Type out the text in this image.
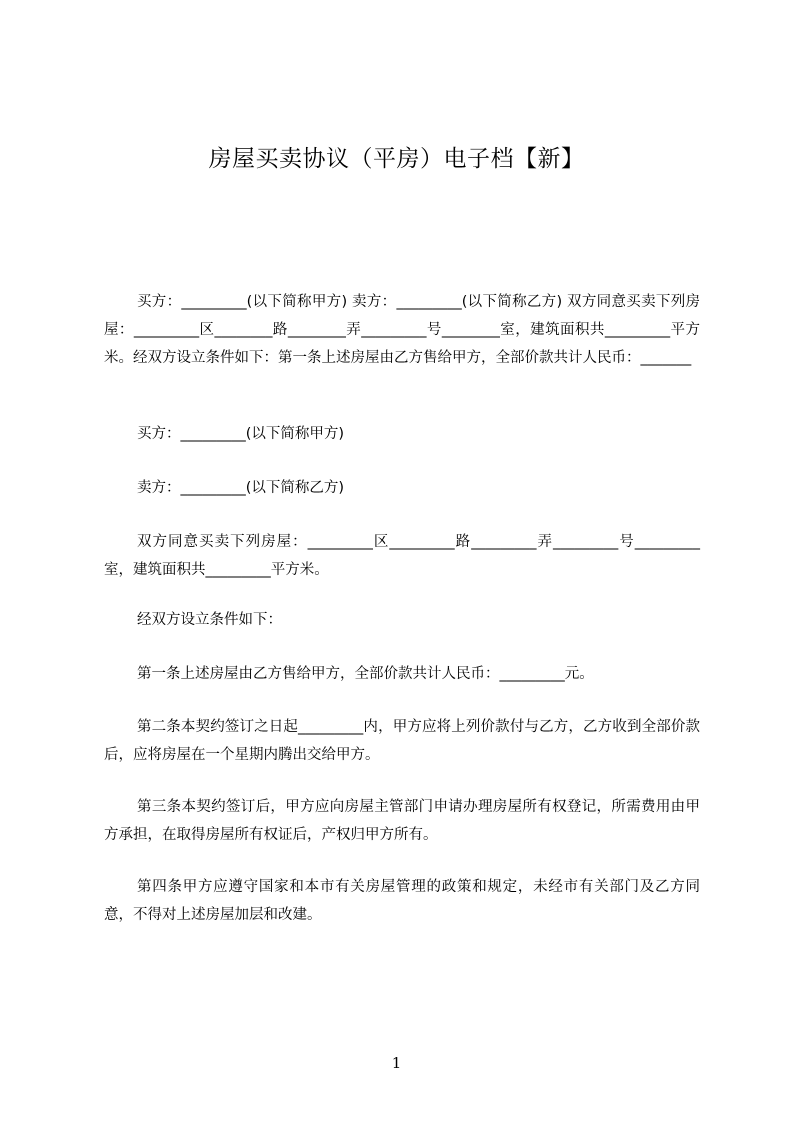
房屋买卖协议（平房）电子档【新】

买方：_________(以下简称甲方) 卖方：_________(以下简称乙方) 双方同意买卖下列房屋：_________区________路________弄_________号________室，建筑面积共_________平方米。经双方设立条件如下：第一条上述房屋由乙方售给甲方，全部价款共计人民币：_______

买方：_________(以下简称甲方)

卖方：_________(以下简称乙方)

双方同意买卖下列房屋：_________区_________路_________弄_________号_________室，建筑面积共_________平方米。

经双方设立条件如下：

第一条上述房屋由乙方售给甲方，全部价款共计人民币：_________元。

第二条本契约签订之日起_________内，甲方应将上列价款付与乙方，乙方收到全部价款后，应将房屋在一个星期内腾出交给甲方。

第三条本契约签订后，甲方应向房屋主管部门申请办理房屋所有权登记，所需费用由甲方承担，在取得房屋所有权证后，产权归甲方所有。

第四条甲方应遵守国家和本市有关房屋管理的政策和规定，未经市有关部门及乙方同意，不得对上述房屋加层和改建。

1
